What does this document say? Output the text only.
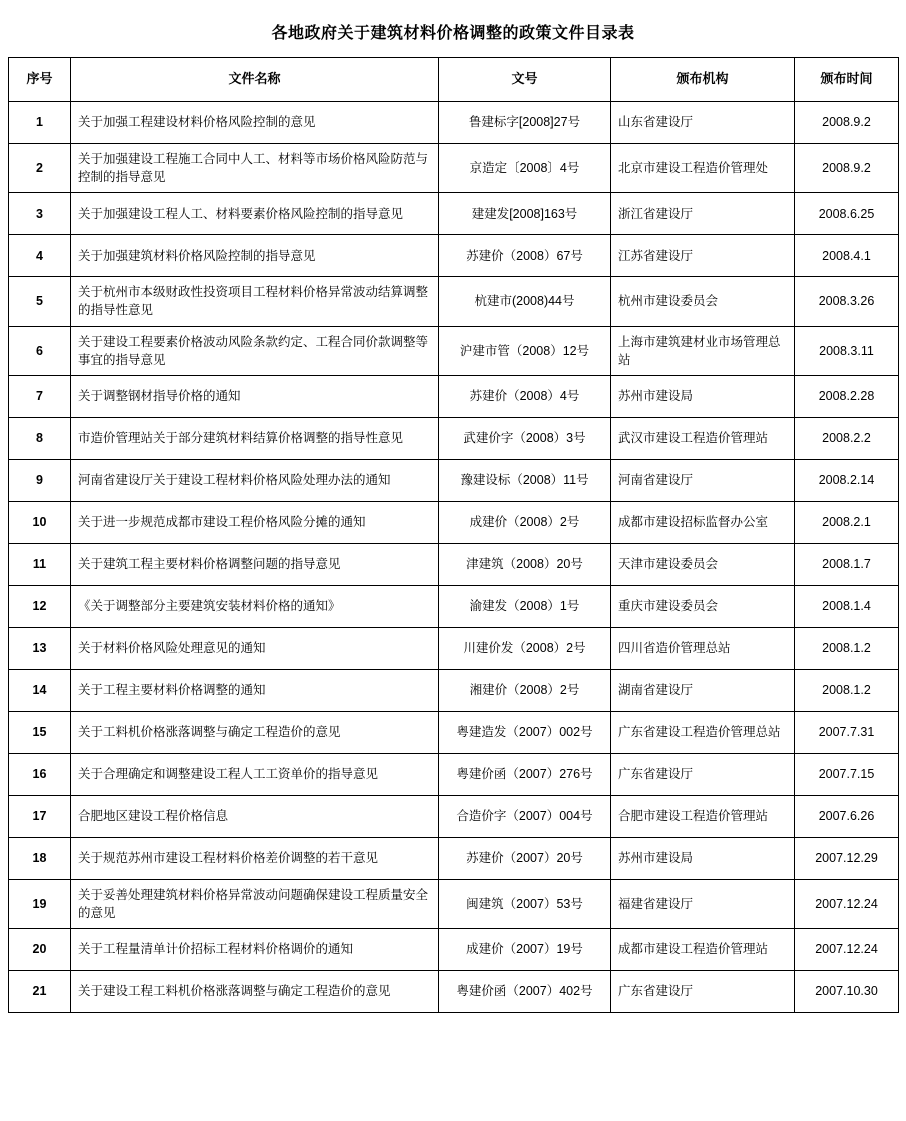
各地政府关于建筑材料价格调整的政策文件目录表
序号	文件名称	文号	颁布机构	颁布时间
1	关于加强工程建设材料价格风险控制的意见	鲁建标字[2008]27号	山东省建设厅	2008.9.2
2	关于加强建设工程施工合同中人工、材料等市场价格风险防范与控制的指导意见	京造定〔2008〕4号	北京市建设工程造价管理处	2008.9.2
3	关于加强建设工程人工、材料要素价格风险控制的指导意见	建建发[2008]163号	浙江省建设厅	2008.6.25
4	关于加强建筑材料价格风险控制的指导意见	苏建价（2008）67号	江苏省建设厅	2008.4.1
5	关于杭州市本级财政性投资项目工程材料价格异常波动结算调整的指导性意见	杭建市(2008)44号	杭州市建设委员会	2008.3.26
6	关于建设工程要素价格波动风险条款约定、工程合同价款调整等事宜的指导意见	沪建市管（2008）12号	上海市建筑建材业市场管理总站	2008.3.11
7	关于调整钢材指导价格的通知	苏建价（2008）4号	苏州市建设局	2008.2.28
8	市造价管理站关于部分建筑材料结算价格调整的指导性意见	武建价字（2008）3号	武汉市建设工程造价管理站	2008.2.2
9	河南省建设厅关于建设工程材料价格风险处理办法的通知	豫建设标（2008）11号	河南省建设厅	2008.2.14
10	关于进一步规范成都市建设工程价格风险分摊的通知	成建价（2008）2号	成都市建设招标监督办公室	2008.2.1
11	关于建筑工程主要材料价格调整问题的指导意见	津建筑（2008）20号	天津市建设委员会	2008.1.7
12	《关于调整部分主要建筑安装材料价格的通知》	渝建发（2008）1号	重庆市建设委员会	2008.1.4
13	关于材料价格风险处理意见的通知	川建价发（2008）2号	四川省造价管理总站	2008.1.2
14	关于工程主要材料价格调整的通知	湘建价（2008）2号	湖南省建设厅	2008.1.2
15	关于工料机价格涨落调整与确定工程造价的意见	粤建造发（2007）002号	广东省建设工程造价管理总站	2007.7.31
16	关于合理确定和调整建设工程人工工资单价的指导意见	粤建价函（2007）276号	广东省建设厅	2007.7.15
17	合肥地区建设工程价格信息	合造价字（2007）004号	合肥市建设工程造价管理站	2007.6.26
18	关于规范苏州市建设工程材料价格差价调整的若干意见	苏建价（2007）20号	苏州市建设局	2007.12.29
19	关于妥善处理建筑材料价格异常波动问题确保建设工程质量安全的意见	闽建筑（2007）53号	福建省建设厅	2007.12.24
20	关于工程量清单计价招标工程材料价格调价的通知	成建价（2007）19号	成都市建设工程造价管理站	2007.12.24
21	关于建设工程工料机价格涨落调整与确定工程造价的意见	粤建价函（2007）402号	广东省建设厅	2007.10.30
